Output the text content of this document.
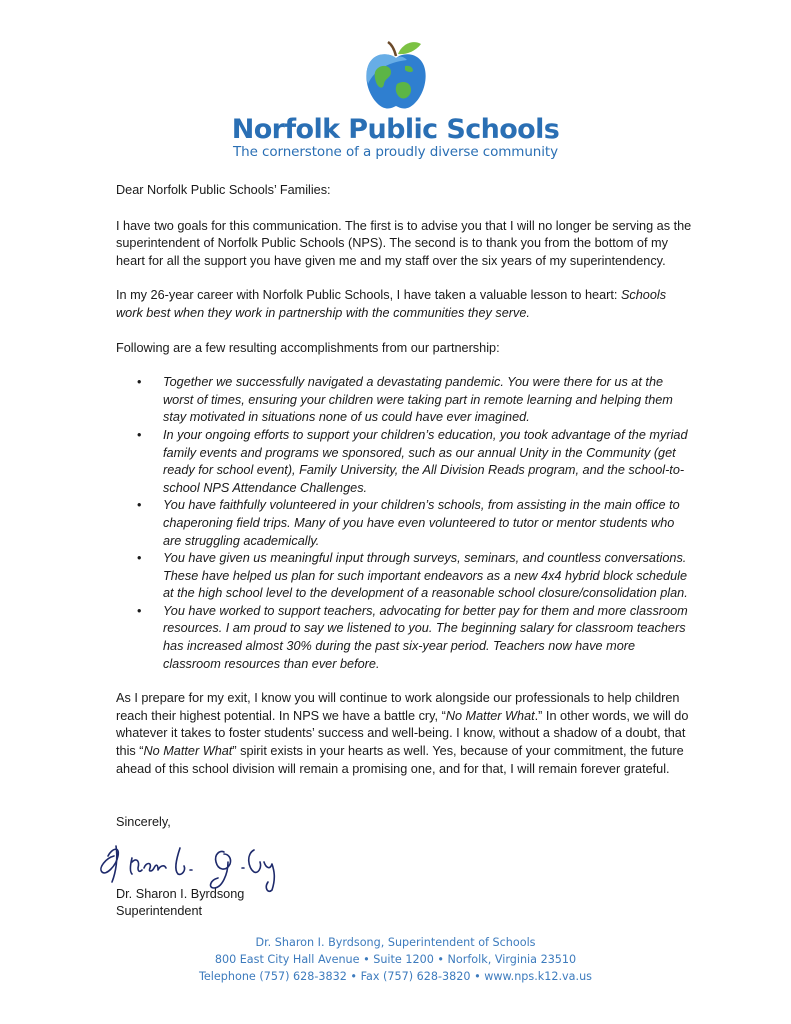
Norfolk Public Schools
The cornerstone of a proudly diverse community

Dear Norfolk Public Schools’ Families:

I have two goals for this communication. The first is to advise you that I will no longer be serving as the superintendent of Norfolk Public Schools (NPS). The second is to thank you from the bottom of my heart for all the support you have given me and my staff over the six years of my superintendency.

In my 26-year career with Norfolk Public Schools, I have taken a valuable lesson to heart: Schools work best when they work in partnership with the communities they serve.

Following are a few resulting accomplishments from our partnership:

• Together we successfully navigated a devastating pandemic. You were there for us at the worst of times, ensuring your children were taking part in remote learning and helping them stay motivated in situations none of us could have ever imagined.
• In your ongoing efforts to support your children’s education, you took advantage of the myriad family events and programs we sponsored, such as our annual Unity in the Community (get ready for school event), Family University, the All Division Reads program, and the school-to-school NPS Attendance Challenges.
• You have faithfully volunteered in your children’s schools, from assisting in the main office to chaperoning field trips. Many of you have even volunteered to tutor or mentor students who are struggling academically.
• You have given us meaningful input through surveys, seminars, and countless conversations. These have helped us plan for such important endeavors as a new 4x4 hybrid block schedule at the high school level to the development of a reasonable school closure/consolidation plan.
• You have worked to support teachers, advocating for better pay for them and more classroom resources. I am proud to say we listened to you. The beginning salary for classroom teachers has increased almost 30% during the past six-year period. Teachers now have more classroom resources than ever before.

As I prepare for my exit, I know you will continue to work alongside our professionals to help children reach their highest potential. In NPS we have a battle cry, “No Matter What.” In other words, we will do whatever it takes to foster students’ success and well-being. I know, without a shadow of a doubt, that this “No Matter What” spirit exists in your hearts as well. Yes, because of your commitment, the future ahead of this school division will remain a promising one, and for that, I will remain forever grateful.

Sincerely,
Dr. Sharon I. Byrdsong
Superintendent
Dr. Sharon I. Byrdsong, Superintendent of Schools
800 East City Hall Avenue • Suite 1200 • Norfolk, Virginia 23510
Telephone (757) 628-3832 • Fax (757) 628-3820 • www.nps.k12.va.us
